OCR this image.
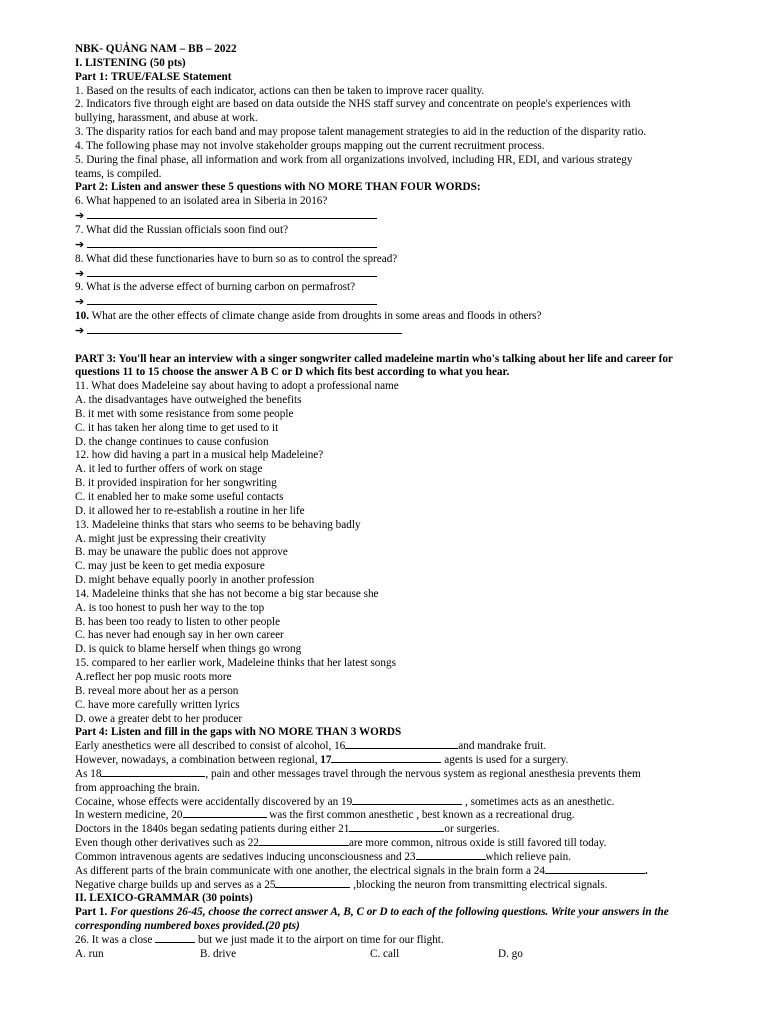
NBK- QUẢNG NAM – BB – 2022
I. LISTENING (50 pts)
Part 1: TRUE/FALSE Statement
1. Based on the results of each indicator, actions can then be taken to improve racer quality.
2. Indicators five through eight are based on data outside the NHS staff survey and concentrate on people's experiences with
bullying, harassment, and abuse at work.
3. The disparity ratios for each band and may propose talent management strategies to aid in the reduction of the disparity ratio.
4. The following phase may not involve stakeholder groups mapping out the current recruitment process.
5. During the final phase, all information and work from all organizations involved, including HR, EDI, and various strategy
teams, is compiled.
Part 2: Listen and answer these 5 questions with NO MORE THAN FOUR WORDS:
6. What happened to an isolated area in Siberia in 2016?
➔
7. What did the Russian officials soon find out?
➔
8. What did these functionaries have to burn so as to control the spread?
➔
9. What is the adverse effect of burning carbon on permafrost?
➔
10. What are the other effects of climate change aside from droughts in some areas and floods in others?
➔
PART 3: You'll hear an interview with a singer songwriter called madeleine martin who's talking about her life and career for questions 11 to 15 choose the answer A B C or D which fits best according to what you hear.
11. What does Madeleine say about having to adopt a professional name
A. the disadvantages have outweighed the benefits
B. it met with some resistance from some people
C. it has taken her along time to get used to it
D. the change continues to cause confusion
12. how did having a part in a musical help Madeleine?
A. it led to further offers of work on stage
B. it provided inspiration for her songwriting
C. it enabled her to make some useful contacts
D. it allowed her to re-establish a routine in her life
13. Madeleine thinks that stars who seems to be behaving badly
A. might just be expressing their creativity
B. may be unaware the public does not approve
C. may just be keen to get media exposure
D. might behave equally poorly in another profession
14. Madeleine thinks that she has not become a big star because she
A. is too honest to push her way to the top
B. has been too ready to listen to other people
C. has never had enough say in her own career
D. is quick to blame herself when things go wrong
15. compared to her earlier work, Madeleine thinks that her latest songs
A.reflect her pop music roots more
B. reveal more about her as a person
C. have more carefully written lyrics
D. owe a greater debt to her producer
Part 4: Listen and fill in the gaps with NO MORE THAN 3 WORDS
Early anesthetics were all described to consist of alcohol, 16	and mandrake fruit.
However, nowadays, a combination between regional, 17	agents is used for a surgery.
As 18	, pain and other messages travel through the nervous system as regional anesthesia prevents them
from approaching the brain.
Cocaine, whose effects were accidentally discovered by an 19	, sometimes acts as an anesthetic.
In western medicine, 20	was the first common anesthetic , best known as a recreational drug.
Doctors in the 1840s began sedating patients during either 21	or surgeries.
Even though other derivatives such as 22	are more common, nitrous oxide is still favored till today.
Common intravenous agents are sedatives inducing unconsciousness and 23	which relieve pain.
As different parts of the brain communicate with one another, the electrical signals in the brain form a 24	.
Negative charge builds up and serves as a 25	,blocking the neuron from transmitting electrical signals.
II. LEXICO-GRAMMAR (30 points)
Part 1. For questions 26-45, choose the correct answer A, B, C or D to each of the following questions. Write your answers in the corresponding numbered boxes provided.(20 pts)
26. It was a close	but we just made it to the airport on time for our flight.
A. run	B. drive	C. call	D. go
